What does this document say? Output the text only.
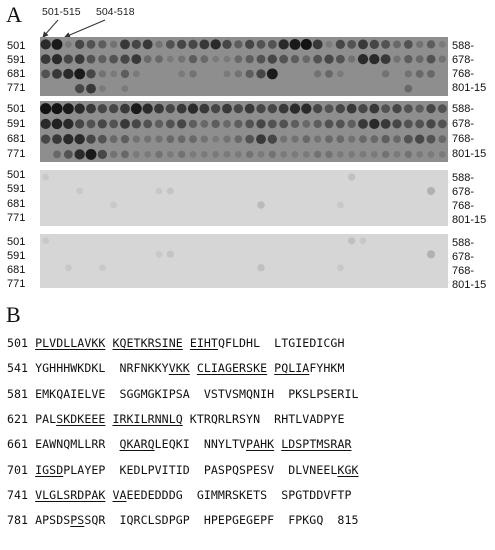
A 501-515 504-518
501
591
681
771
588-
678-
768-
801-15
501
591
681
771
588-
678-
768-
801-15
591
681
771
501	588-
678-
768-
801-15
501
591
681
771
588-
678-
768-
801-15
B
501 PLVDLLAVKK KQETKRSINE EIHTQFLDHL  LTGIEDICGH
541 YGHHHWKDKL  NRFNKKYVKK CLIAGERSKE PQLIAFYHKM
581 EMKQAIELVE  SGGMGKIPSA  VSTVSMQNIH  PKSLPSERIL
621 PALSKDKEEE IRKILRNNLQ KTRQRLRSYN  RHTLVADPYE
661 EAWNQMLLRR  QKARQLEQKI  NNYLTVPAHK LDSPTMSRAR
701 IGSDPLAYEP  KEDLPVITID  PASPQSPESV  DLVNEELKGK
741 VLGLSRDPAK VAEEDEDDDG  GIMMRSKETS  SPGTDDVFTP
781 APSDSPSSQR  IQRCLSDPGP  HPEPGEGEPF  FPKGQ  815
